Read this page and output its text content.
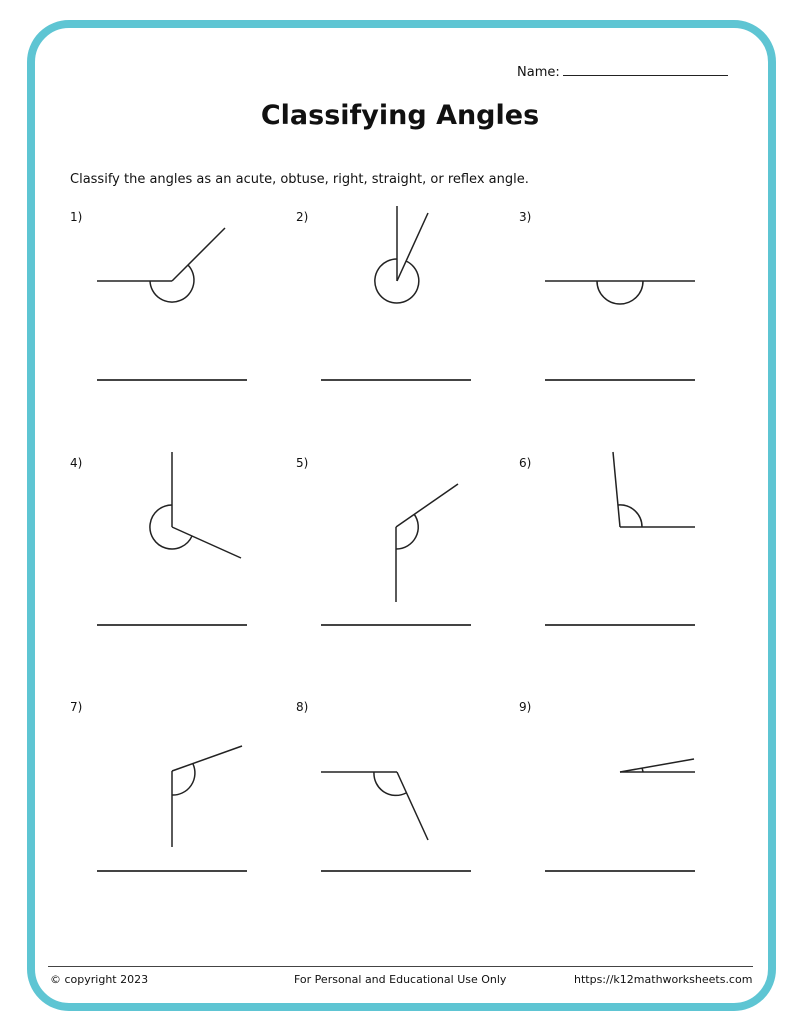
Name:
Classifying Angles
Classify the angles as an acute, obtuse, right, straight, or reflex angle.
1)	2)	3)
4)	5)	6)
7)	8)	9)
© copyright 2023	For Personal and Educational Use Only	https://k12mathworksheets.com
